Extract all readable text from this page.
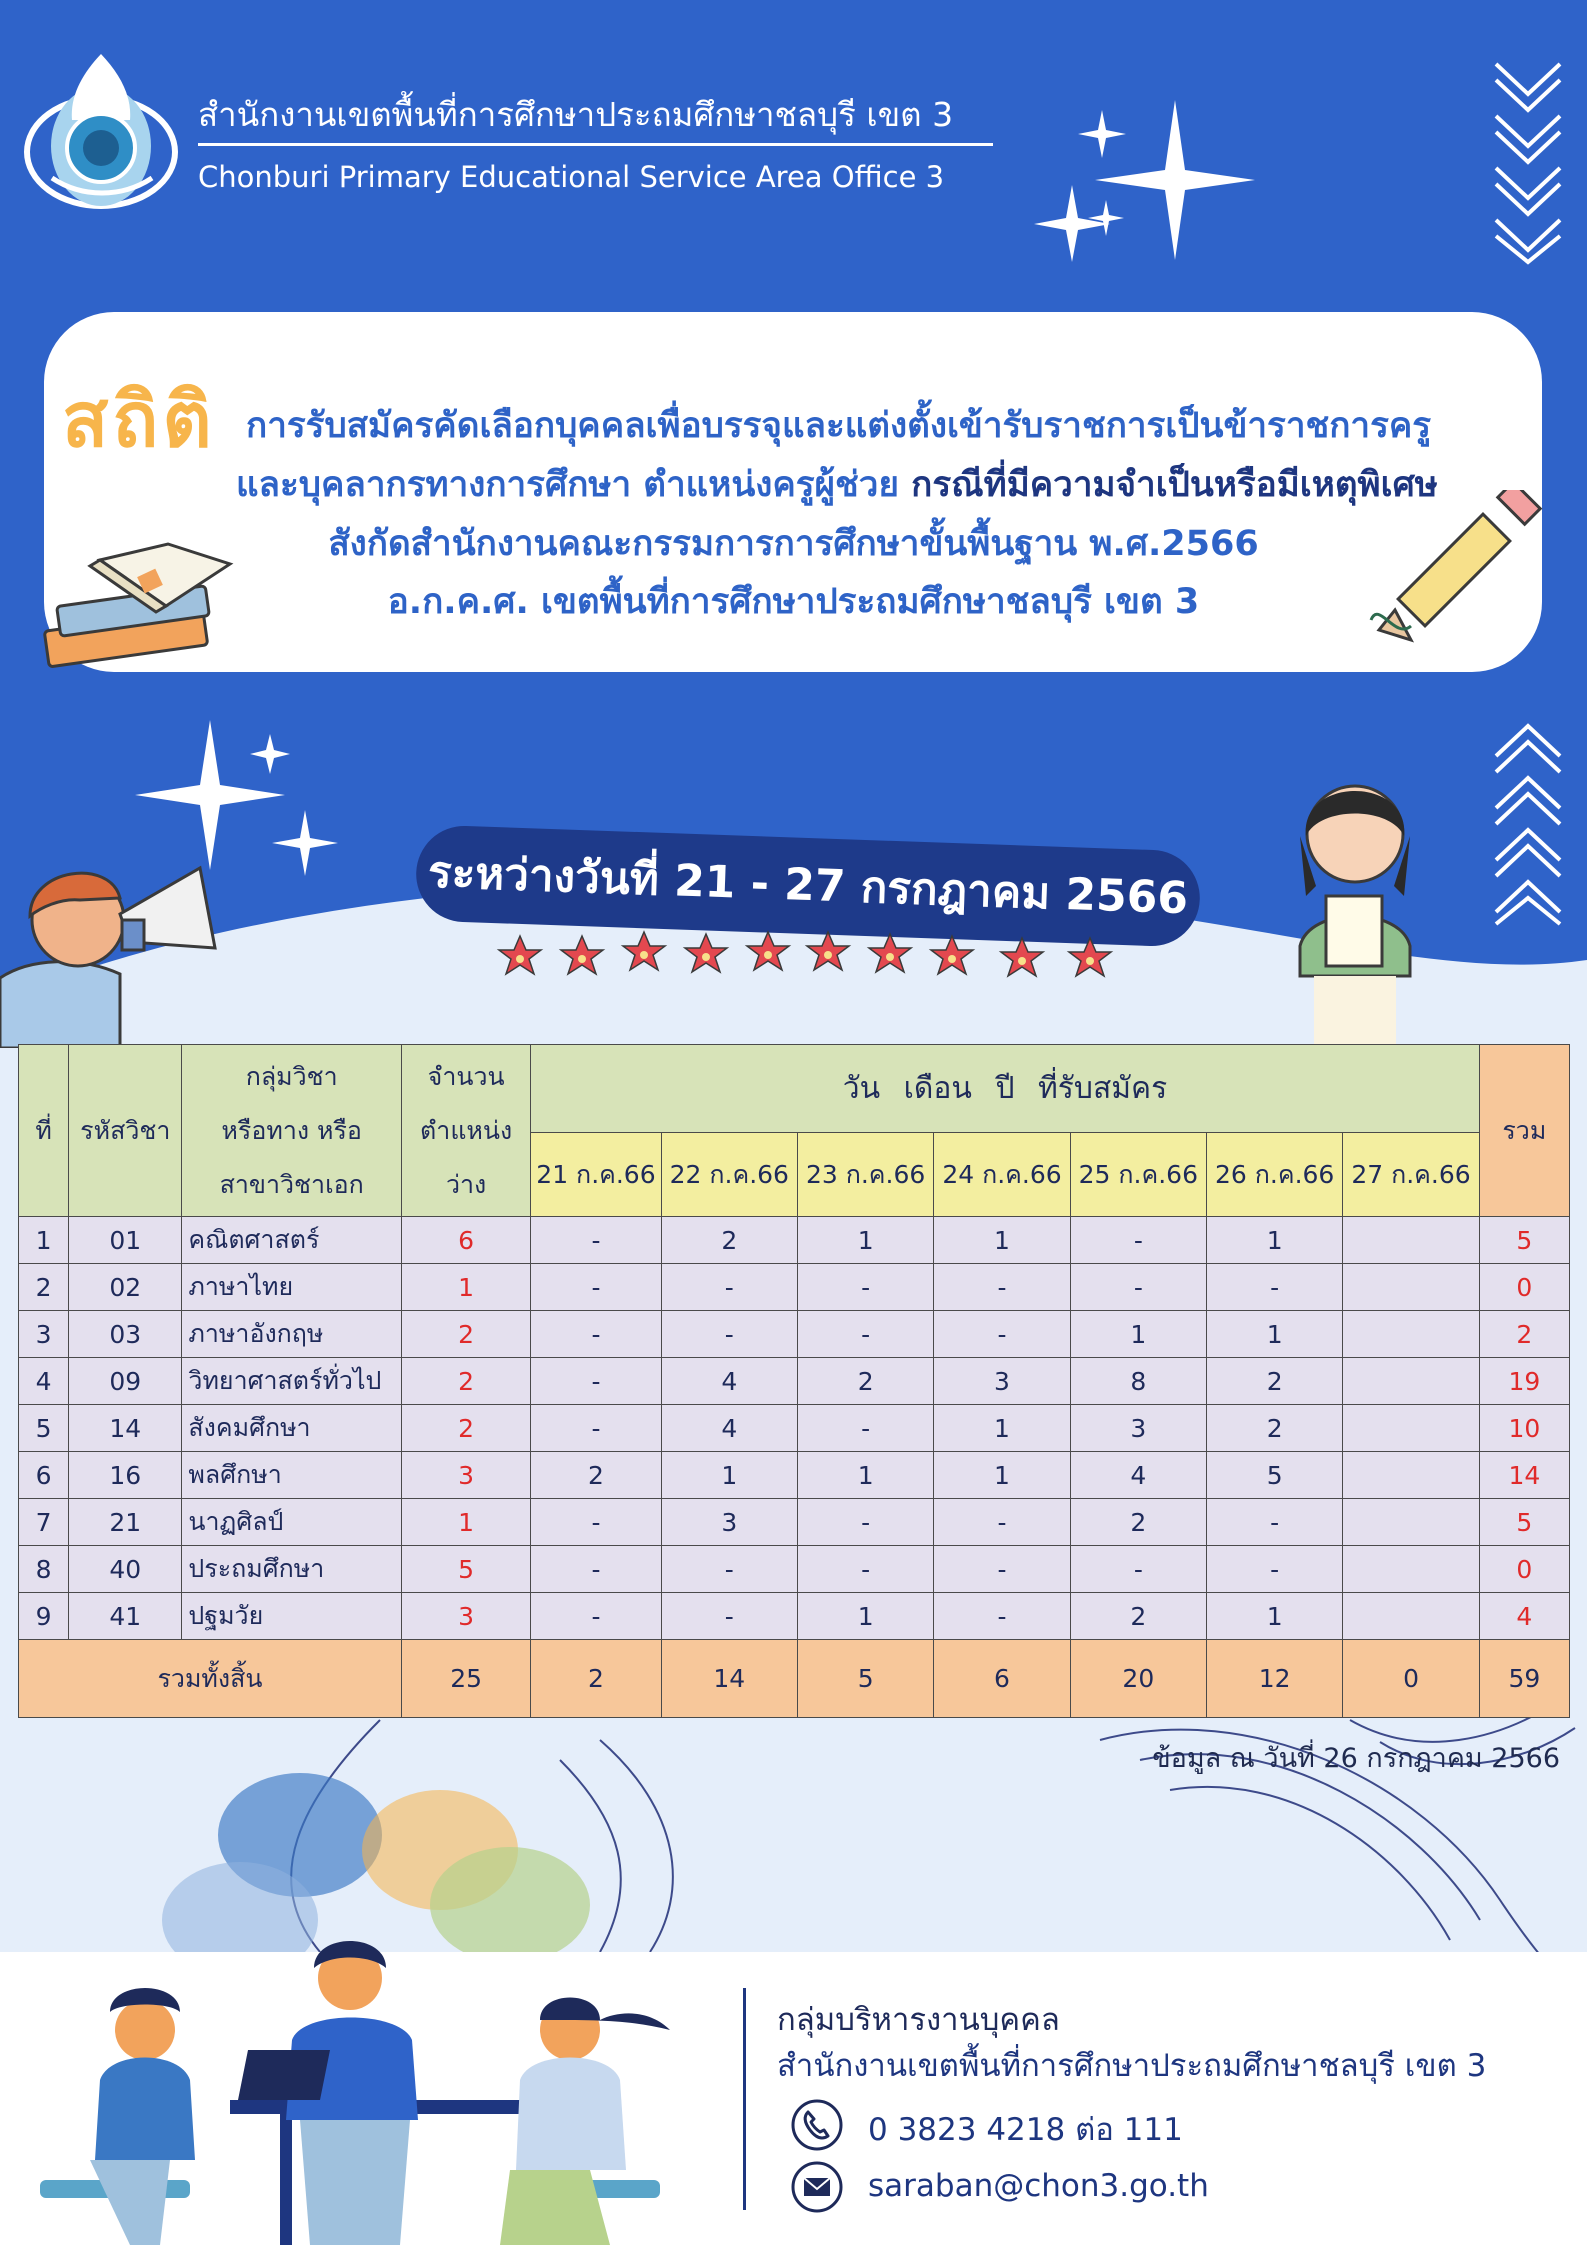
สำนักงานเขตพื้นที่การศึกษาประถมศึกษาชลบุรี เขต 3
Chonburi Primary Educational Service Area Office 3
สถิติ การรับสมัครคัดเลือกบุคคลเพื่อบรรจุและแต่งตั้งเข้ารับราชการเป็นข้าราชการครู
และบุคลากรทางการศึกษา ตำแหน่งครูผู้ช่วย กรณีที่มีความจำเป็นหรือมีเหตุพิเศษ
สังกัดสำนักงานคณะกรรมการการศึกษาขั้นพื้นฐาน พ.ศ.2566
อ.ก.ค.ศ. เขตพื้นที่การศึกษาประถมศึกษาชลบุรี เขต 3
ระหว่างวันที่ 21 - 27 กรกฎาคม 2566
ที่	รหัสวิชา	กลุ่มวิชา
หรือทาง หรือ
สาขาวิชาเอก	จำนวน
ตำแหน่ง
ว่าง	วัน เดือน ปี ที่รับสมัคร							รวม
				21 ก.ค.66	22 ก.ค.66	23 ก.ค.66	24 ก.ค.66	25 ก.ค.66	26 ก.ค.66	27 ก.ค.66	
1	01	คณิตศาสตร์	6	-	2	1	1	-	1		5
2	02	ภาษาไทย	1	-	-	-	-	-	-		0
3	03	ภาษาอังกฤษ	2	-	-	-	-	1	1		2
4	09	วิทยาศาสตร์ทั่วไป	2	-	4	2	3	8	2		19
5	14	สังคมศึกษา	2	-	4	-	1	3	2		10
6	16	พลศึกษา	3	2	1	1	1	4	5		14
7	21	นาฏศิลป์	1	-	3	-	-	2	-		5
8	40	ประถมศึกษา	5	-	-	-	-	-	-		0
9	41	ปฐมวัย	3	-	-	1	-	2	1		4
รวมทั้งสิ้น			25	2	14	5	6	20	12	0	59
ข้อมูล ณ วันที่ 26 กรกฎาคม 2566
กลุ่มบริหารงานบุคคล
สำนักงานเขตพื้นที่การศึกษาประถมศึกษาชลบุรี เขต 3
0 3823 4218 ต่อ 111
saraban@chon3.go.th
